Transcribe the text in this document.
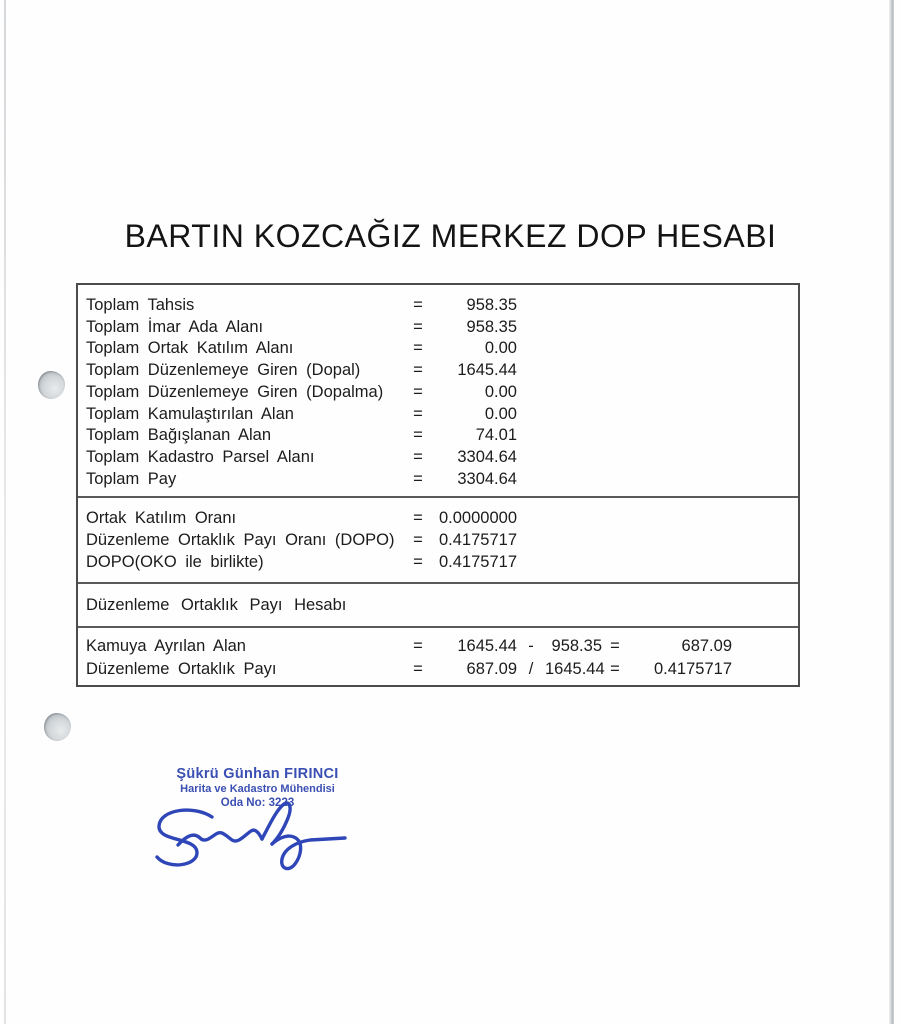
BARTIN KOZCAĞIZ MERKEZ DOP HESABI
Toplam Tahsis	=	958.35
Toplam İmar Ada Alanı	=	958.35
Toplam Ortak Katılım Alanı	=	0.00
Toplam Düzenlemeye Giren (Dopal)	=	1645.44
Toplam Düzenlemeye Giren (Dopalma)	=	0.00
Toplam Kamulaştırılan Alan	=	0.00
Toplam Bağışlanan Alan	=	74.01
Toplam Kadastro Parsel Alanı	=	3304.64
Toplam Pay	=	3304.64
Ortak Katılım Oranı	= 0.0000000
Düzenleme Ortaklık Payı Oranı (DOPO)	= 0.4175717
DOPO(OKO ile birlikte)	= 0.4175717
Düzenleme Ortaklık Payı Hesabı
Kamuya Ayrılan Alan	=	1645.44 -	958.35 =	687.09
Düzenleme Ortaklık Payı	=	687.09 / 1645.44 =	0.4175717
Şükrü Günhan FIRINCI
Harita ve Kadastro Mühendisi
Oda No: 3223
